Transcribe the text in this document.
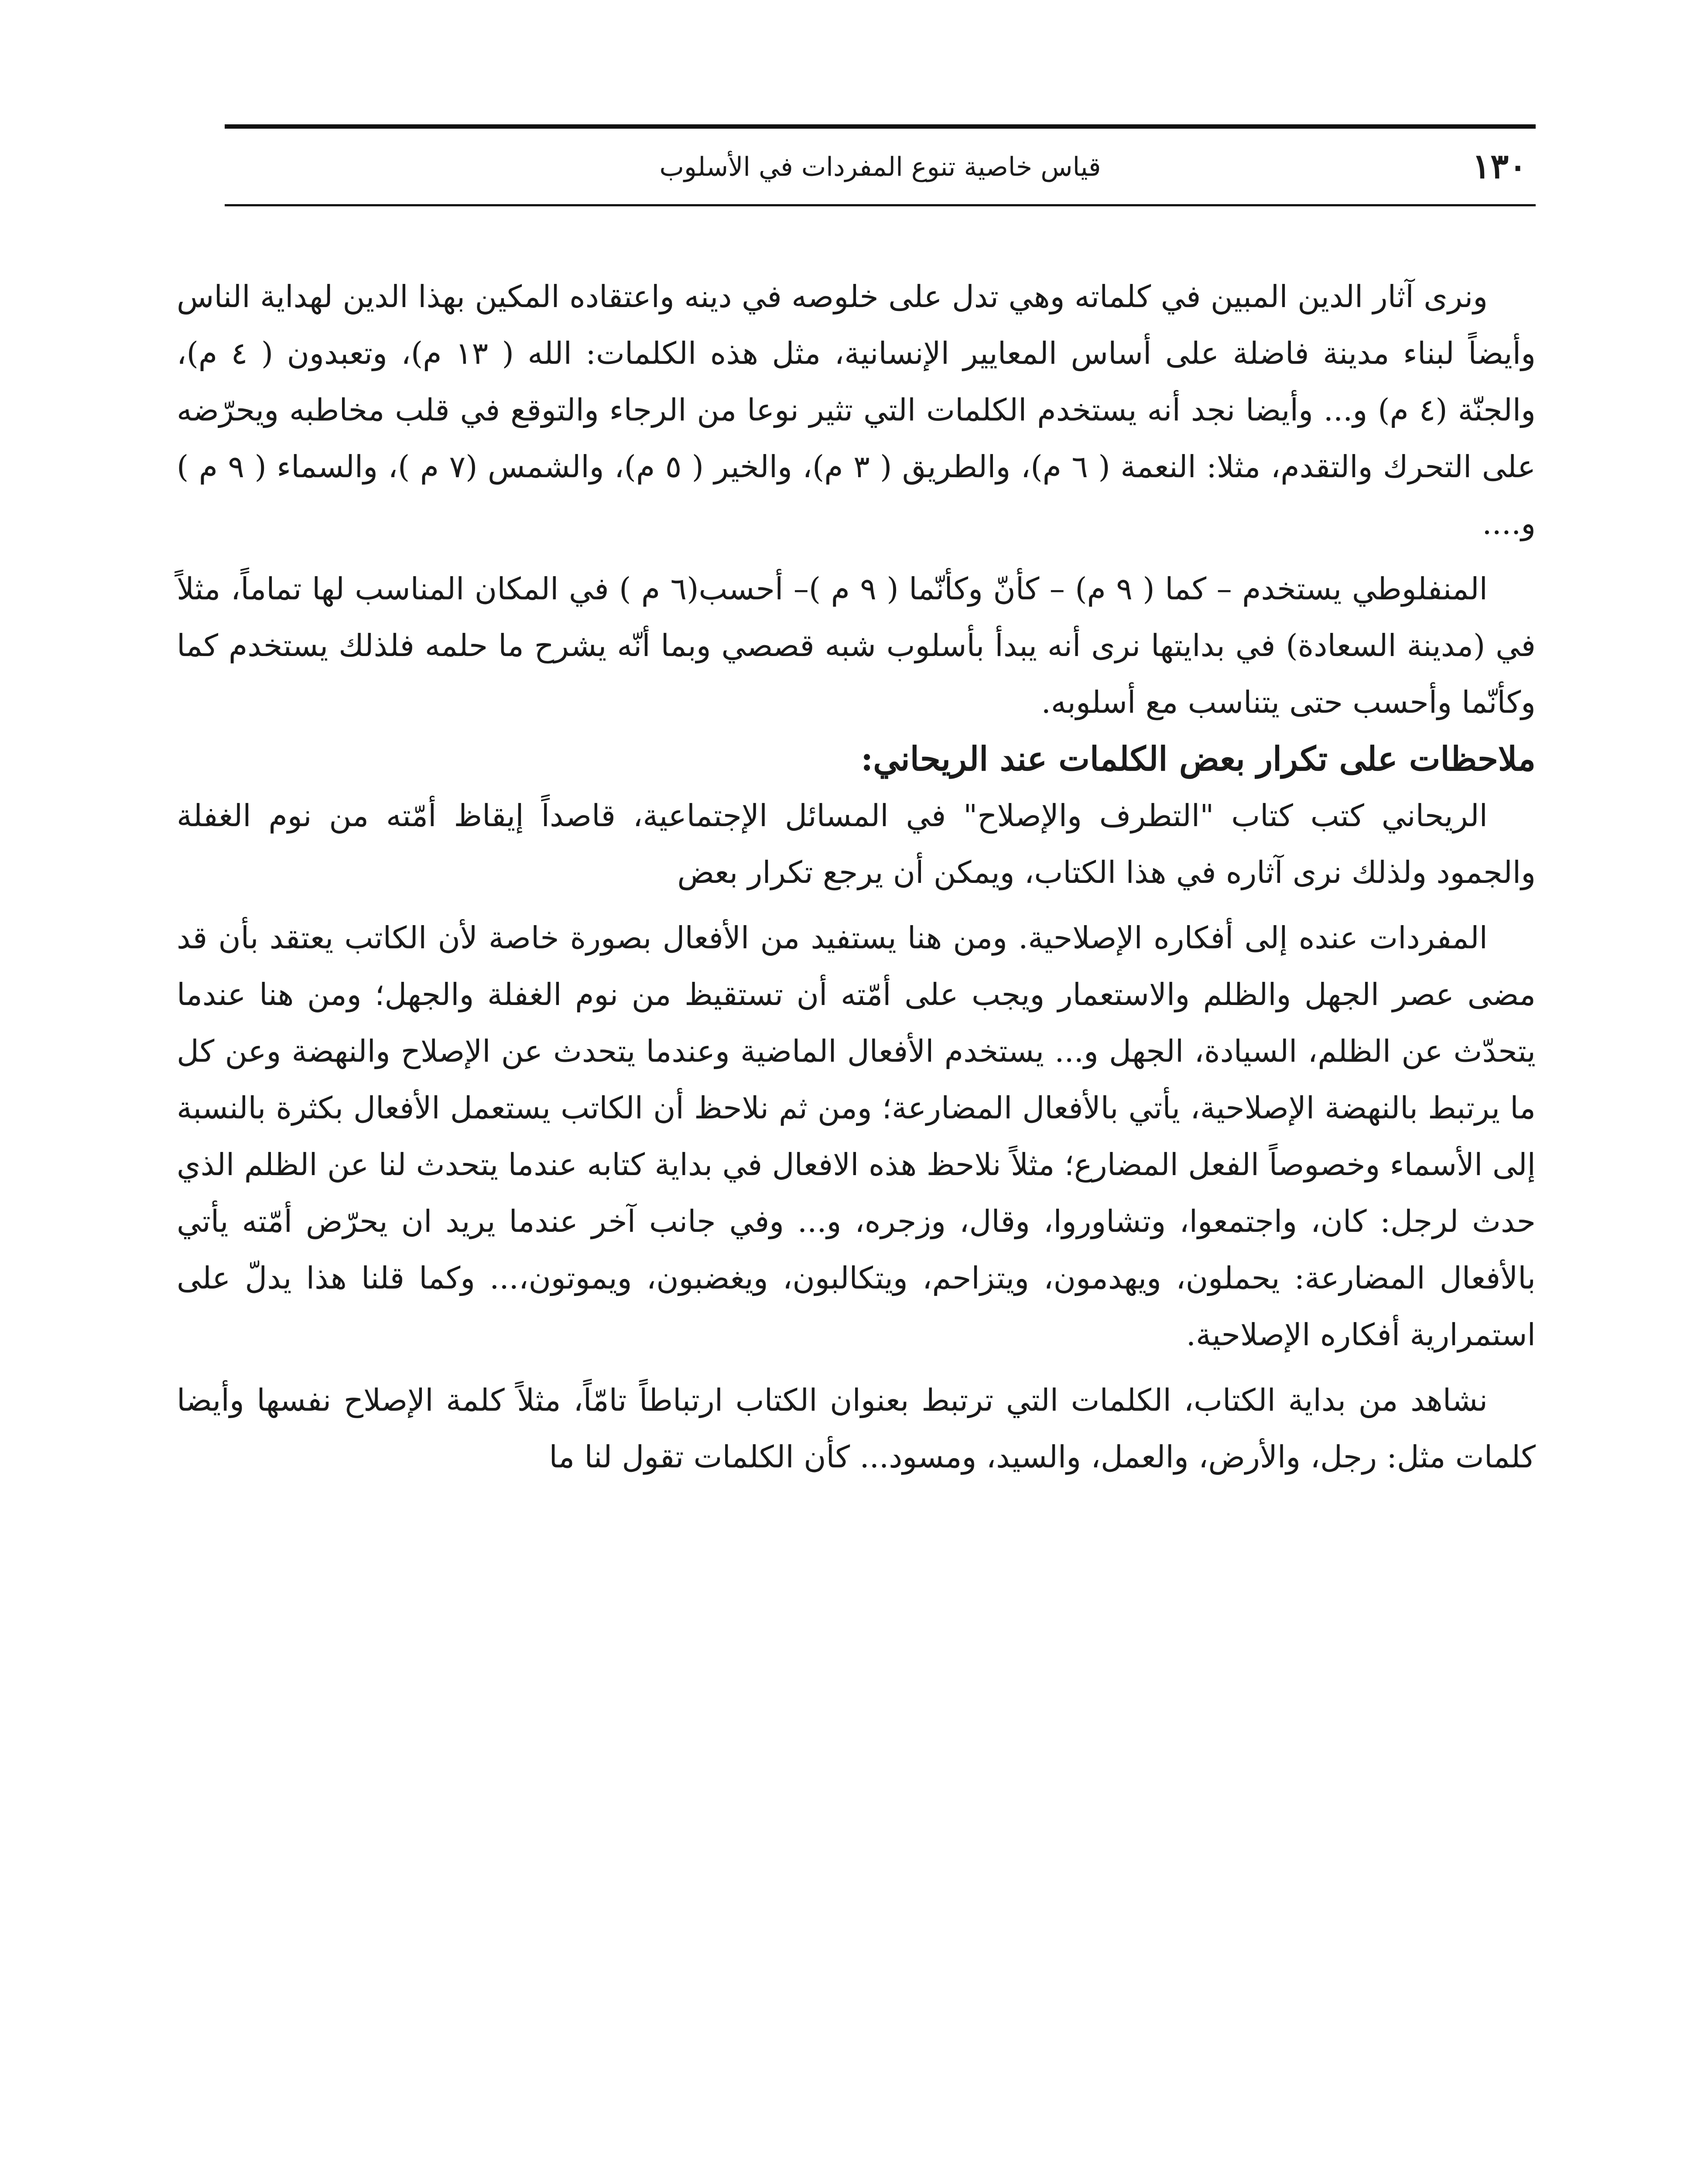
١٣٠
قياس خاصية تنوع المفردات في الأسلوب

ونرى آثار الدين المبين في كلماته وهي تدل على خلوصه في دينه واعتقاده المكين بهذا الدين لهداية الناس وأيضاً لبناء مدينة فاضلة على أساس المعايير الإنسانية، مثل هذه الكلمات: الله ( ١٣ م)، وتعبدون ( ٤ م)، والجنّة (٤ م) و... وأيضا نجد أنه يستخدم الكلمات التي تثير نوعا من الرجاء والتوقع في قلب مخاطبه ويحرّضه على التحرك والتقدم، مثلا: النعمة ( ٦ م)، والطريق ( ٣ م)، والخير ( ٥ م)، والشمس (٧ م )، والسماء ( ٩ م ) و....

المنفلوطي يستخدم – كما ( ٩ م) – كأنّ وكأنّما ( ٩ م )– أحسب(٦ م ) في المكان المناسب لها تماماً، مثلاً في (مدينة السعادة) في بدايتها نرى أنه يبدأ بأسلوب شبه قصصي وبما أنّه يشرح ما حلمه فلذلك يستخدم كما وكأنّما وأحسب حتى يتناسب مع أسلوبه.

ملاحظات على تكرار بعض الكلمات عند الريحاني:

الريحاني كتب كتاب "التطرف والإصلاح" في المسائل الإجتماعية، قاصداً إيقاظ أمّته من نوم الغفلة والجمود ولذلك نرى آثاره في هذا الكتاب، ويمكن أن يرجع تكرار بعض

المفردات عنده إلى أفكاره الإصلاحية. ومن هنا يستفيد من الأفعال بصورة خاصة لأن الكاتب يعتقد بأن قد مضى عصر الجهل والظلم والاستعمار ويجب على أمّته أن تستقيظ من نوم الغفلة والجهل؛ ومن هنا عندما يتحدّث عن الظلم، السيادة، الجهل و... يستخدم الأفعال الماضية وعندما يتحدث عن الإصلاح والنهضة وعن كل ما يرتبط بالنهضة الإصلاحية، يأتي بالأفعال المضارعة؛ ومن ثم نلاحظ أن الكاتب يستعمل الأفعال بكثرة بالنسبة إلى الأسماء وخصوصاً الفعل المضارع؛ مثلاً نلاحظ هذه الافعال في بداية كتابه عندما يتحدث لنا عن الظلم الذي حدث لرجل: كان، واجتمعوا، وتشاوروا، وقال، وزجره، و... وفي جانب آخر عندما يريد ان يحرّض أمّته يأتي بالأفعال المضارعة: يحملون، ويهدمون، ويتزاحم، ويتكالبون، ويغضبون، ويموتون،... وكما قلنا هذا يدلّ على استمرارية أفكاره الإصلاحية.

نشاهد من بداية الكتاب، الكلمات التي ترتبط بعنوان الكتاب ارتباطاً تامّاً، مثلاً كلمة الإصلاح نفسها وأيضا كلمات مثل: رجل، والأرض، والعمل، والسيد، ومسود... كأن الكلمات تقول لنا ما
